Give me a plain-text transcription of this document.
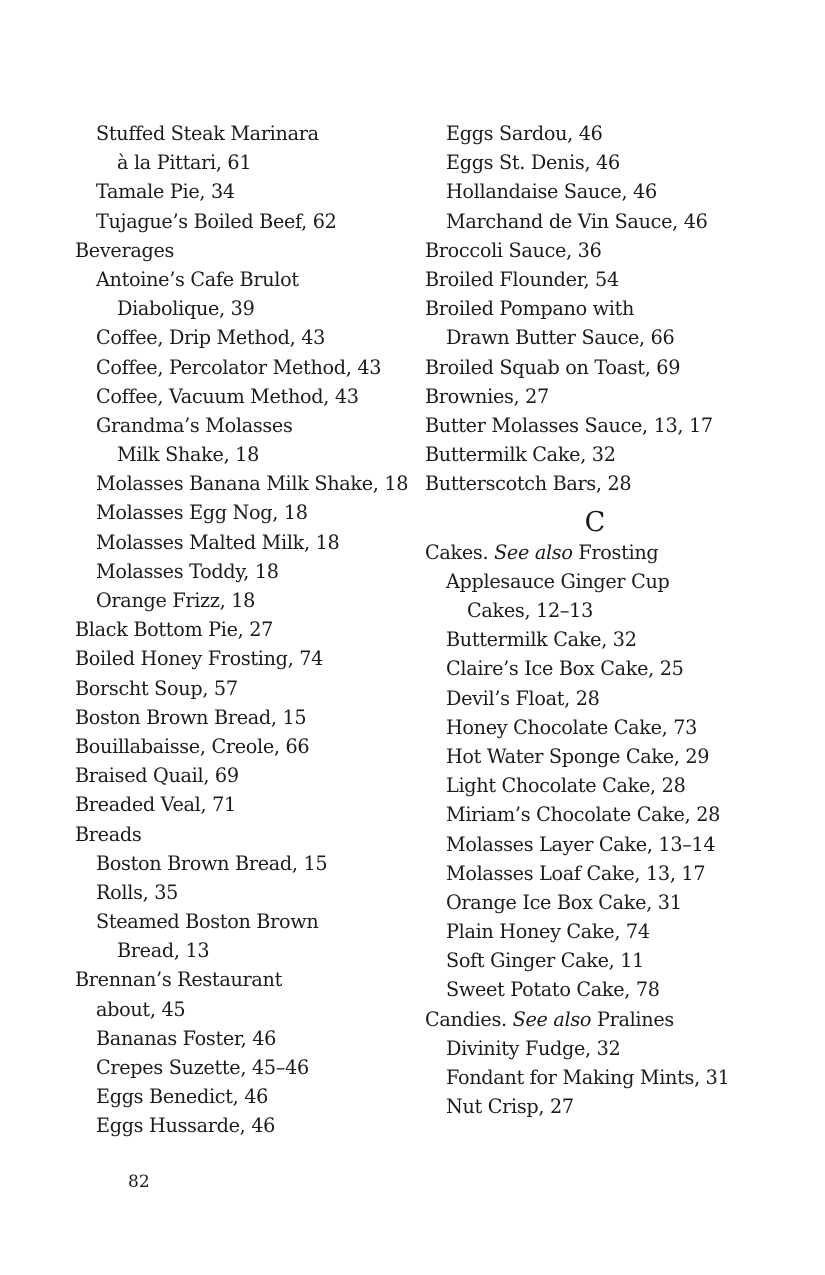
Stuffed Steak Marinara
à la Pittari, 61
Tamale Pie, 34
Tujague’s Boiled Beef, 62
Beverages
Antoine’s Cafe Brulot
Diabolique, 39
Coffee, Drip Method, 43
Coffee, Percolator Method, 43
Coffee, Vacuum Method, 43
Grandma’s Molasses
Milk Shake, 18
Molasses Banana Milk Shake, 18
Molasses Egg Nog, 18
Molasses Malted Milk, 18
Molasses Toddy, 18
Orange Frizz, 18
Black Bottom Pie, 27
Boiled Honey Frosting, 74
Borscht Soup, 57
Boston Brown Bread, 15
Bouillabaisse, Creole, 66
Braised Quail, 69
Breaded Veal, 71
Breads
Boston Brown Bread, 15
Rolls, 35
Steamed Boston Brown
Bread, 13
Brennan’s Restaurant
about, 45
Bananas Foster, 46
Crepes Suzette, 45–46
Eggs Benedict, 46
Eggs Hussarde, 46
Eggs Sardou, 46
Eggs St. Denis, 46
Hollandaise Sauce, 46
Marchand de Vin Sauce, 46
Broccoli Sauce, 36
Broiled Flounder, 54
Broiled Pompano with
Drawn Butter Sauce, 66
Broiled Squab on Toast, 69
Brownies, 27
Butter Molasses Sauce, 13, 17
Buttermilk Cake, 32
Butterscotch Bars, 28
C
Cakes. See also Frosting
Applesauce Ginger Cup
Cakes, 12–13
Buttermilk Cake, 32
Claire’s Ice Box Cake, 25
Devil’s Float, 28
Honey Chocolate Cake, 73
Hot Water Sponge Cake, 29
Light Chocolate Cake, 28
Miriam’s Chocolate Cake, 28
Molasses Layer Cake, 13–14
Molasses Loaf Cake, 13, 17
Orange Ice Box Cake, 31
Plain Honey Cake, 74
Soft Ginger Cake, 11
Sweet Potato Cake, 78
Candies. See also Pralines
Divinity Fudge, 32
Fondant for Making Mints, 31
Nut Crisp, 27
82
